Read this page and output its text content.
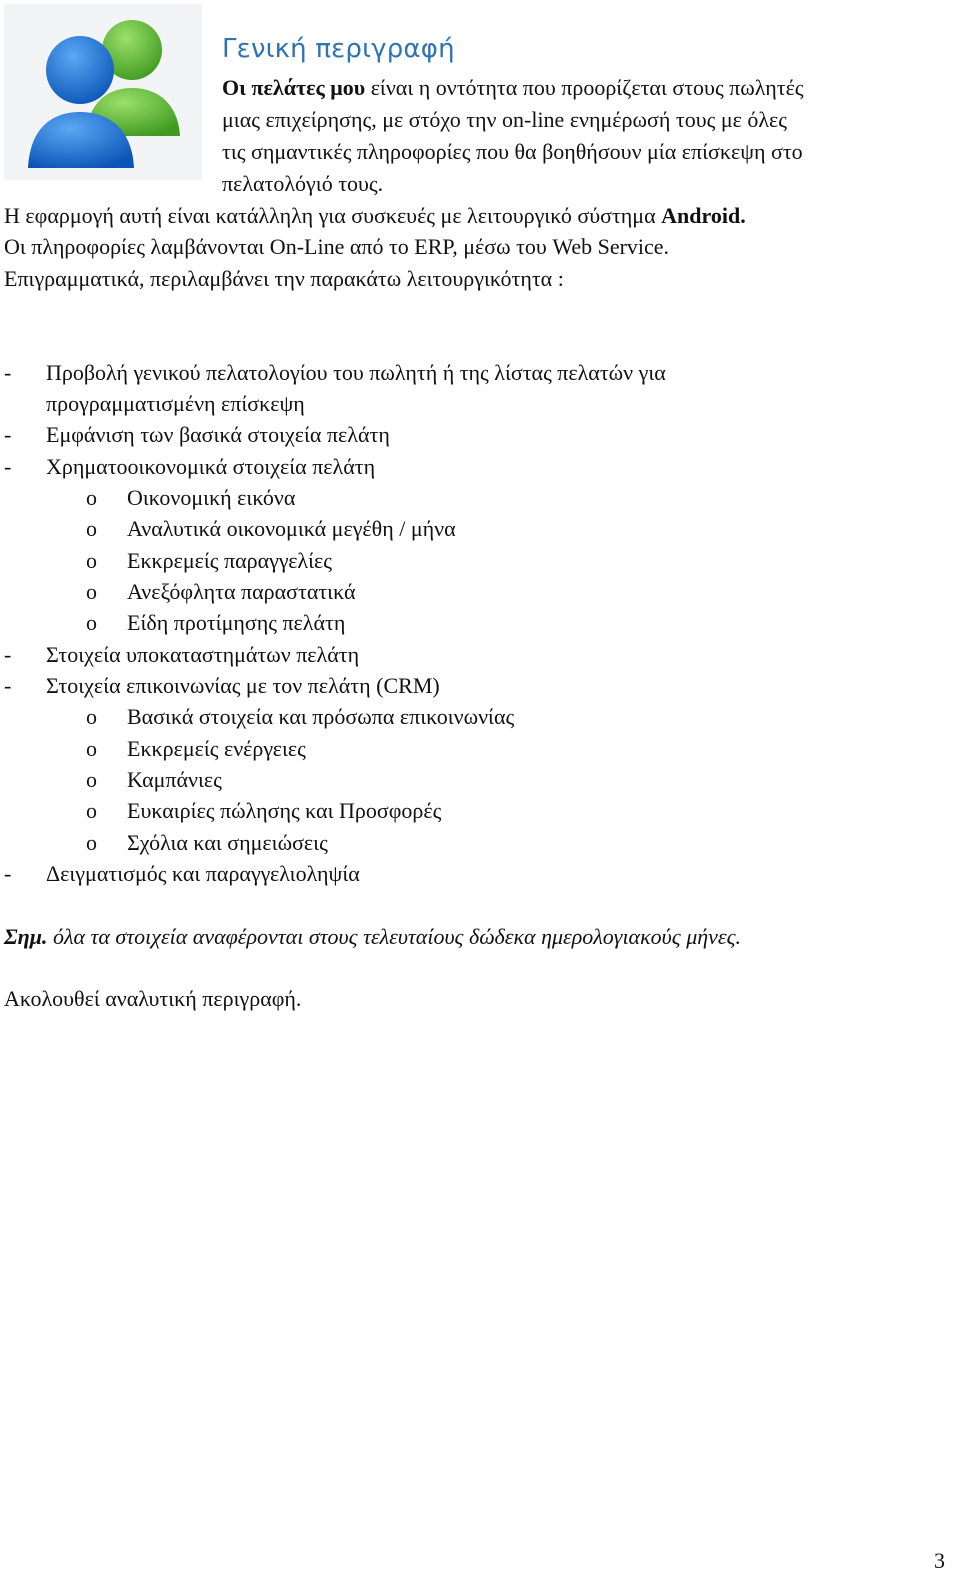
Γενική περιγραφή
Οι πελάτες μου είναι η οντότητα που προορίζεται στους πωλητές
μιας επιχείρησης, με στόχο την on-line ενημέρωσή τους με όλες
τις σημαντικές πληροφορίες που θα βοηθήσουν μία επίσκεψη στο
πελατολόγιό τους.
Η εφαρμογή αυτή είναι κατάλληλη για συσκευές με λειτουργικό σύστημα Android.
Οι πληροφορίες λαμβάνονται On-Line από το ERP, μέσω του Web Service.
Επιγραμματικά, περιλαμβάνει την παρακάτω λειτουργικότητα :
- Προβολή γενικού πελατολογίου του πωλητή ή της λίστας πελατών για
προγραμματισμένη επίσκεψη
- Εμφάνιση των βασικά στοιχεία πελάτη
- Χρηματοοικονομικά στοιχεία πελάτη
o Οικονομική εικόνα
o Αναλυτικά οικονομικά μεγέθη / μήνα
o Εκκρεμείς παραγγελίες
o Ανεξόφλητα παραστατικά
o Είδη προτίμησης πελάτη
- Στοιχεία υποκαταστημάτων πελάτη
- Στοιχεία επικοινωνίας με τον πελάτη (CRM)
o Βασικά στοιχεία και πρόσωπα επικοινωνίας
o Εκκρεμείς ενέργειες
o Καμπάνιες
o Ευκαιρίες πώλησης και Προσφορές
o Σχόλια και σημειώσεις
- Δειγματισμός και παραγγελιοληψία
Σημ. όλα τα στοιχεία αναφέρονται στους τελευταίους δώδεκα ημερολογιακούς μήνες.
Ακολουθεί αναλυτική περιγραφή.
3
